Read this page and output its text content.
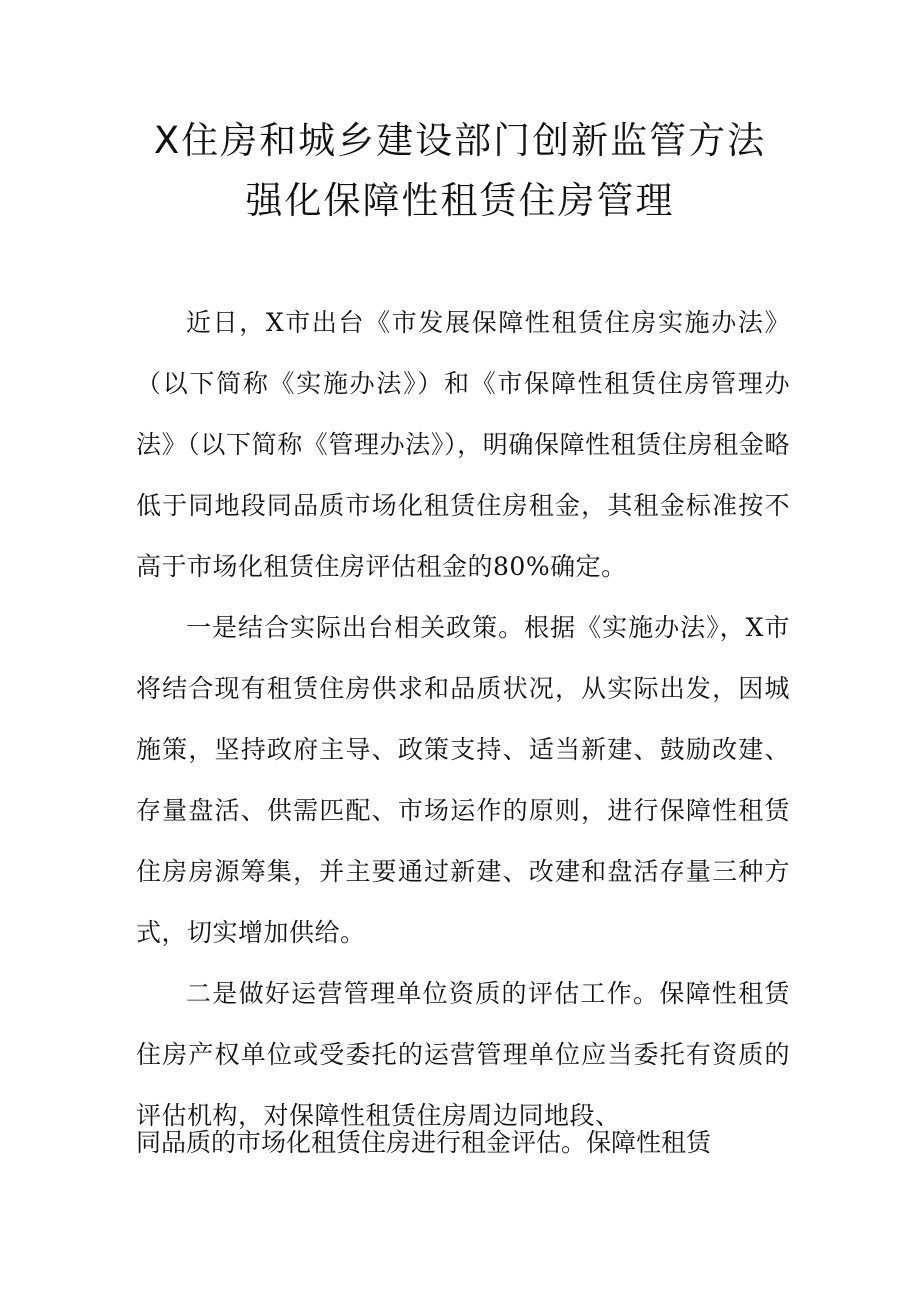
X住房和城乡建设部门创新监管方法
强化保障性租赁住房管理

近日，X市出台《市发展保障性租赁住房实施办法》（以下简称《实施办法》）和《市保障性租赁住房管理办法》（以下简称《管理办法》），明确保障性租赁住房租金略低于同地段同品质市场化租赁住房租金，其租金标准按不高于市场化租赁住房评估租金的80%确定。

一是结合实际出台相关政策。根据《实施办法》，X市将结合现有租赁住房供求和品质状况，从实际出发，因城施策，坚持政府主导、政策支持、适当新建、鼓励改建、存量盘活、供需匹配、市场运作的原则，进行保障性租赁住房房源筹集，并主要通过新建、改建和盘活存量三种方式，切实增加供给。

二是做好运营管理单位资质的评估工作。保障性租赁住房产权单位或受委托的运营管理单位应当委托有资质的评估机构，对保障性租赁住房周边同地段、

同品质的市场化租赁住房进行租金评估。保障性租赁
